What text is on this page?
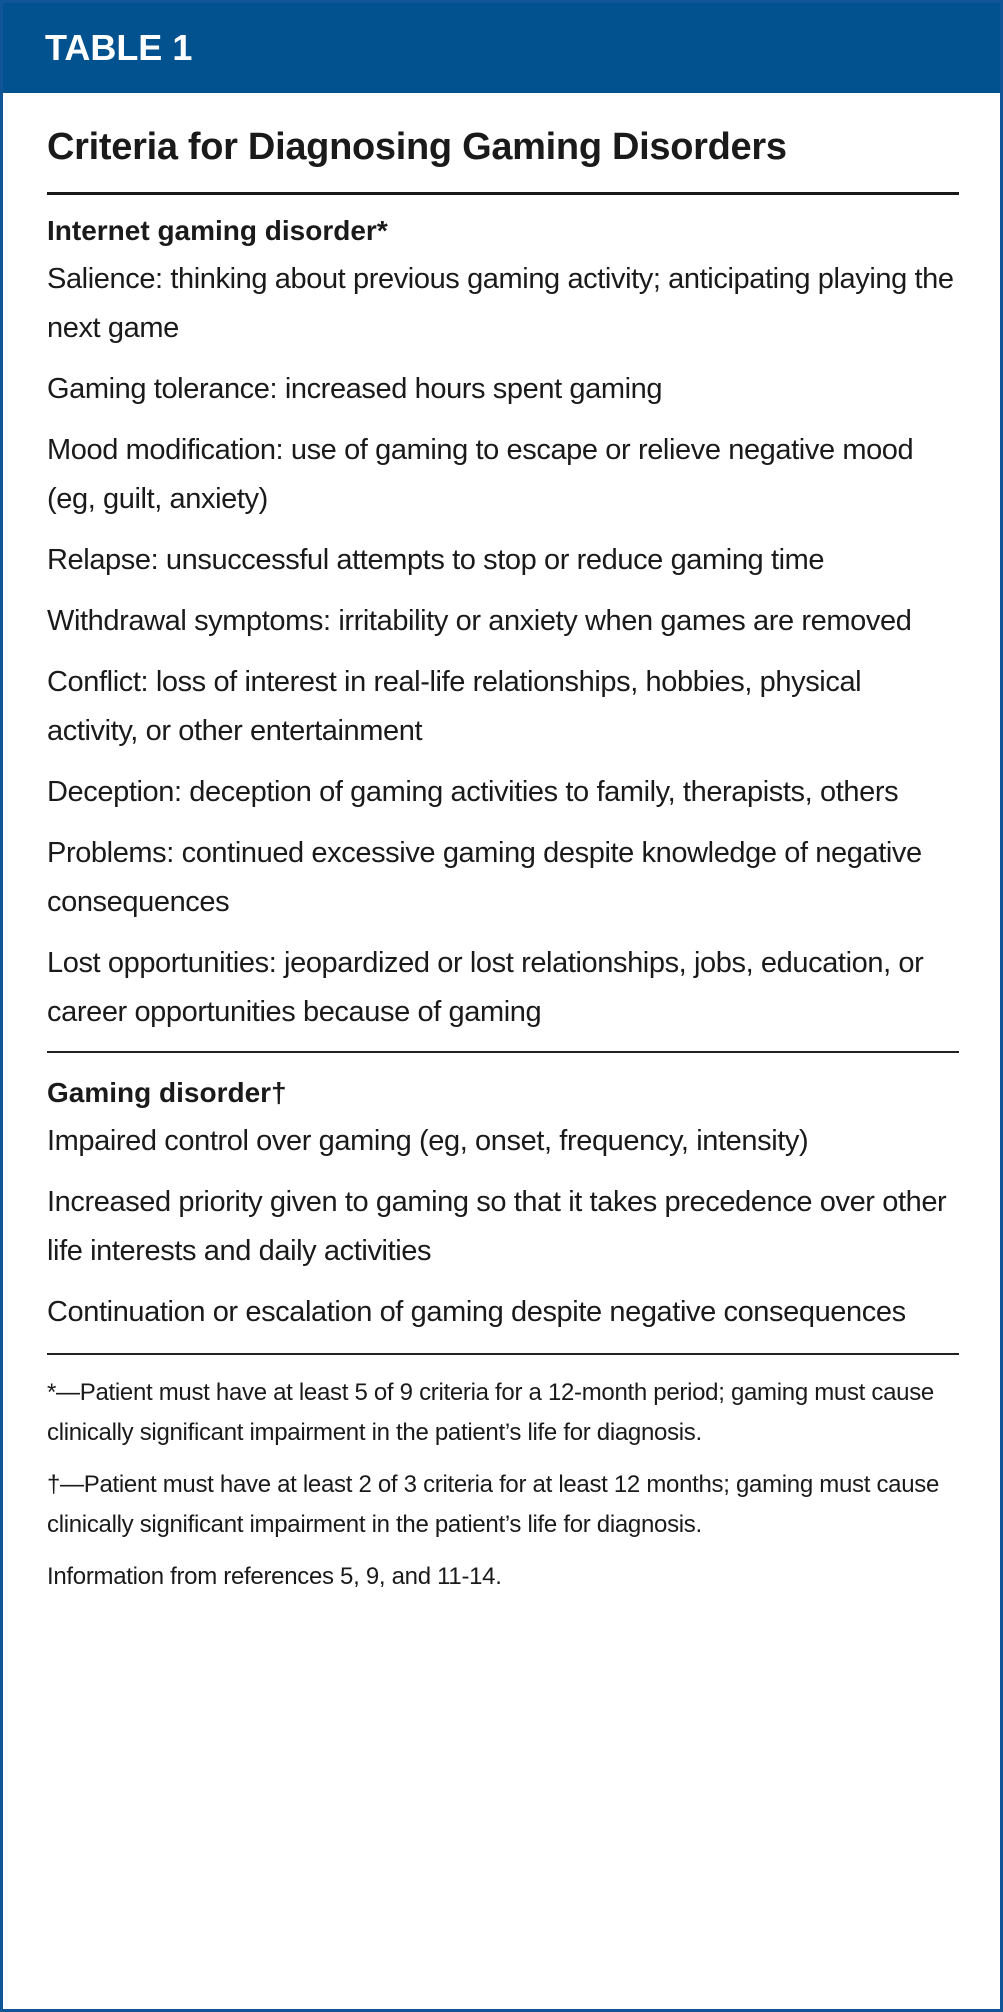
TABLE 1
Criteria for Diagnosing Gaming Disorders
Internet gaming disorder*
Salience: thinking about previous gaming activity; anticipating playing the next game
Gaming tolerance: increased hours spent gaming
Mood modification: use of gaming to escape or relieve negative mood (eg, guilt, anxiety)
Relapse: unsuccessful attempts to stop or reduce gaming time
Withdrawal symptoms: irritability or anxiety when games are removed
Conflict: loss of interest in real-life relationships, hobbies, physical activity, or other entertainment
Deception: deception of gaming activities to family, therapists, others
Problems: continued excessive gaming despite knowledge of negative consequences
Lost opportunities: jeopardized or lost relationships, jobs, education, or career opportunities because of gaming
Gaming disorder†
Impaired control over gaming (eg, onset, frequency, intensity)
Increased priority given to gaming so that it takes precedence over other life interests and daily activities
Continuation or escalation of gaming despite negative consequences

*—Patient must have at least 5 of 9 criteria for a 12-month period; gaming must cause clinically significant impairment in the patient’s life for diagnosis.

†—Patient must have at least 2 of 3 criteria for at least 12 months; gaming must cause clinically significant impairment in the patient’s life for diagnosis.

Information from references 5, 9, and 11-14.
